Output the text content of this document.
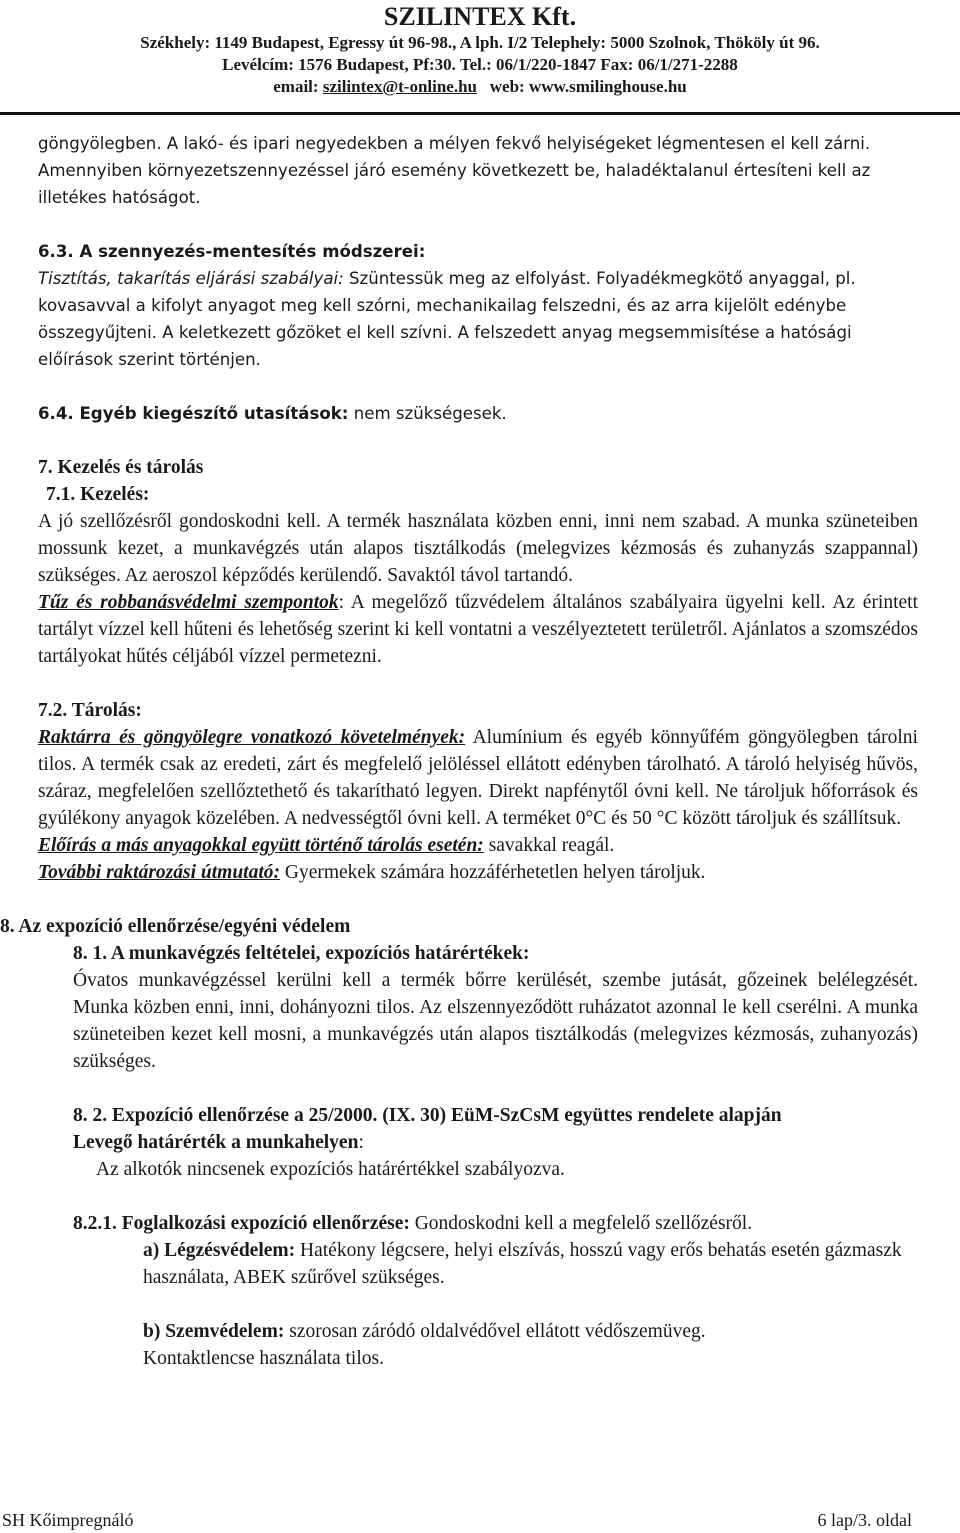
SZILINTEX Kft.
Székhely: 1149 Budapest, Egressy út 96-98., A lph. I/2 Telephely: 5000 Szolnok, Thököly út 96.
Levélcím: 1576 Budapest, Pf:30. Tel.: 06/1/220-1847 Fax: 06/1/271-2288
email: szilintex@t-online.hu web: www.smilinghouse.hu

göngyölegben. A lakó- és ipari negyedekben a mélyen fekvő helyiségeket légmentesen el kell zárni.

Amennyiben környezetszennyezéssel járó esemény következett be, haladéktalanul értesíteni kell az illetékes hatóságot.

6.3. A szennyezés-mentesítés módszerei:

Tisztítás, takarítás eljárási szabályai: Szüntessük meg az elfolyást. Folyadékmegkötő anyaggal, pl. kovasavval a kifolyt anyagot meg kell szórni, mechanikailag felszedni, és az arra kijelölt edénybe összegyűjteni. A keletkezett gőzöket el kell szívni. A felszedett anyag megsemmisítése a hatósági előírások szerint történjen.

6.4. Egyéb kiegészítő utasítások: nem szükségesek.

7. Kezelés és tárolás

7.1. Kezelés:

A jó szellőzésről gondoskodni kell. A termék használata közben enni, inni nem szabad. A munka szüneteiben mossunk kezet, a munkavégzés után alapos tisztálkodás (melegvizes kézmosás és zuhanyzás szappannal) szükséges. Az aeroszol képződés kerülendő. Savaktól távol tartandó.

Tűz és robbanásvédelmi szempontok: A megelőző tűzvédelem általános szabályaira ügyelni kell. Az érintett tartályt vízzel kell hűteni és lehetőség szerint ki kell vontatni a veszélyeztetett területről. Ajánlatos a szomszédos tartályokat hűtés céljából vízzel permetezni.

7.2. Tárolás:

Raktárra és göngyölegre vonatkozó követelmények: Alumínium és egyéb könnyűfém göngyölegben tárolni tilos. A termék csak az eredeti, zárt és megfelelő jelöléssel ellátott edényben tárolható. A tároló helyiség hűvös, száraz, megfelelően szellőztethető és takarítható legyen. Direkt napfénytől óvni kell. Ne tároljuk hőforrások és gyúlékony anyagok közelében. A nedvességtől óvni kell. A terméket 0°C és 50 °C között tároljuk és szállítsuk.

Előírás a más anyagokkal együtt történő tárolás esetén: savakkal reagál.

További raktározási útmutató: Gyermekek számára hozzáférhetetlen helyen tároljuk.

8. Az expozíció ellenőrzése/egyéni védelem

8. 1. A munkavégzés feltételei, expozíciós határértékek:

Óvatos munkavégzéssel kerülni kell a termék bőrre kerülését, szembe jutását, gőzeinek belélegzését. Munka közben enni, inni, dohányozni tilos. Az elszennyeződött ruházatot azonnal le kell cserélni. A munka szüneteiben kezet kell mosni, a munkavégzés után alapos tisztálkodás (melegvizes kézmosás, zuhanyozás) szükséges.

8. 2. Expozíció ellenőrzése a 25/2000. (IX. 30) EüM-SzCsM együttes rendelete alapján

Levegő határérték a munkahelyen:

Az alkotók nincsenek expozíciós határértékkel szabályozva.

8.2.1. Foglalkozási expozíció ellenőrzése: Gondoskodni kell a megfelelő szellőzésről.

a) Légzésvédelem: Hatékony légcsere, helyi elszívás, hosszú vagy erős behatás esetén gázmaszk használata, ABEK szűrővel szükséges.

b) Szemvédelem: szorosan záródó oldalvédővel ellátott védőszemüveg.

Kontaktlencse használata tilos.

SH Kőimpregnáló	6 lap/3. oldal
